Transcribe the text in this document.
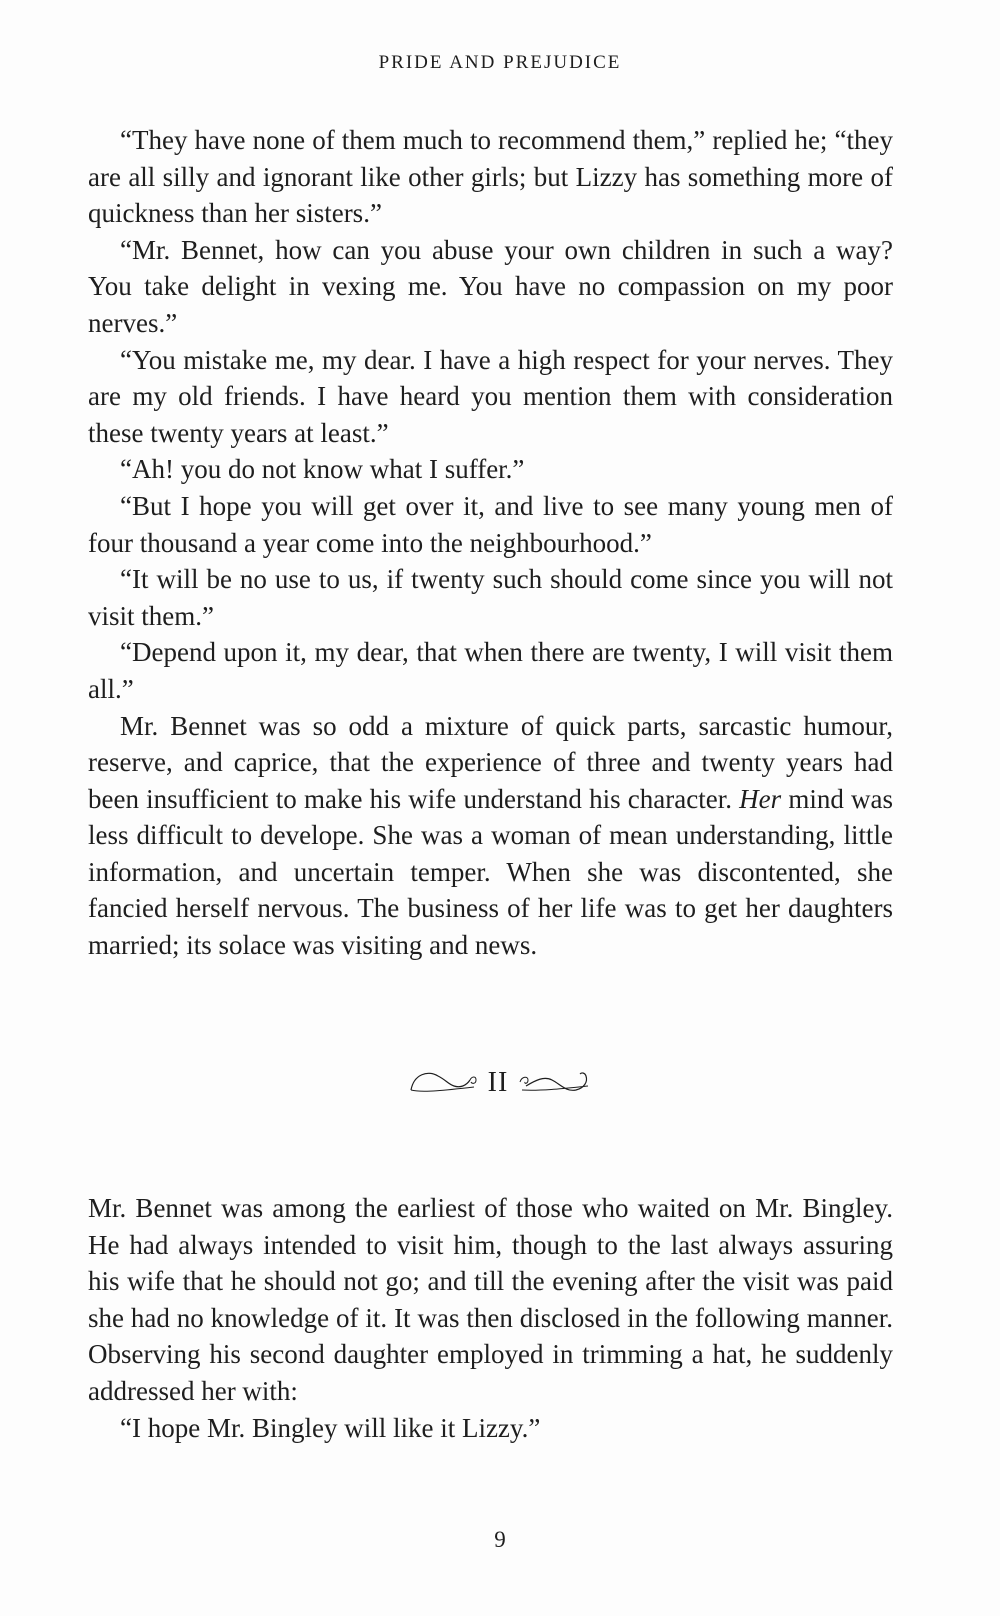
PRIDE AND PREJUDICE

“They have none of them much to recommend them,” replied he; “they are all silly and ignorant like other girls; but Lizzy has something more of quickness than her sisters.”

“Mr. Bennet, how can you abuse your own children in such a way? You take delight in vexing me. You have no compassion on my poor nerves.”

“You mistake me, my dear. I have a high respect for your nerves. They are my old friends. I have heard you mention them with consideration these twenty years at least.”

“Ah! you do not know what I suffer.”

“But I hope you will get over it, and live to see many young men of four thousand a year come into the neighbourhood.”

“It will be no use to us, if twenty such should come since you will not visit them.”

“Depend upon it, my dear, that when there are twenty, I will visit them all.”

Mr. Bennet was so odd a mixture of quick parts, sarcastic humour, reserve, and caprice, that the experience of three and twenty years had been insufficient to make his wife understand his character. Her mind was less difficult to develope. She was a woman of mean understanding, little information, and uncertain temper. When she was discontented, she fancied herself nervous. The business of her life was to get her daughters married; its solace was visiting and news.

II

Mr. Bennet was among the earliest of those who waited on Mr. Bingley. He had always intended to visit him, though to the last always assuring his wife that he should not go; and till the evening after the visit was paid she had no knowledge of it. It was then disclosed in the following manner. Observing his second daughter employed in trimming a hat, he suddenly addressed her with:

“I hope Mr. Bingley will like it Lizzy.”

9
